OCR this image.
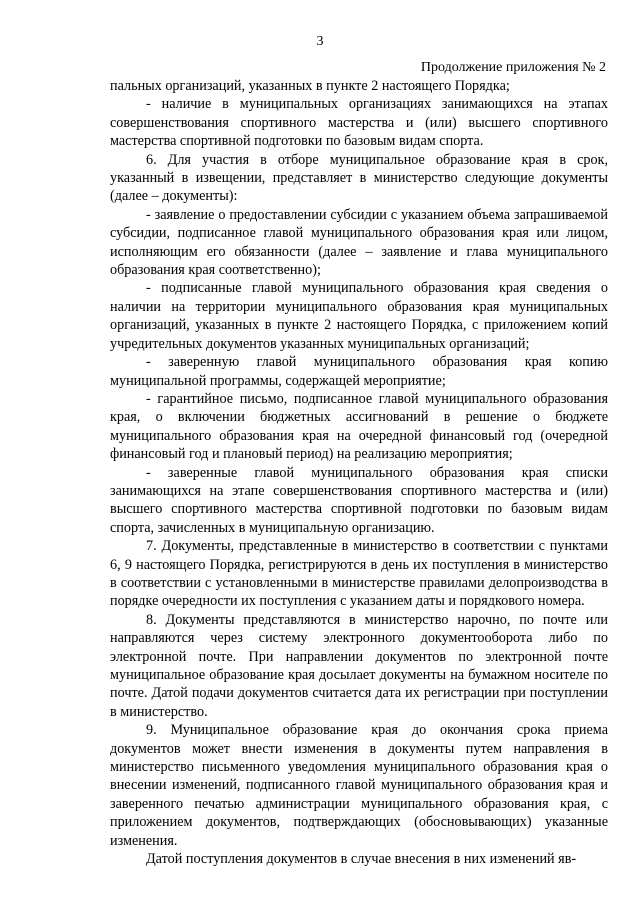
3
Продолжение приложения № 2

пальных организаций, указанных в пункте 2 настоящего Порядка;

- наличие в муниципальных организациях занимающихся на этапах совершенствования спортивного мастерства и (или) высшего спортивного мастерства спортивной подготовки по базовым видам спорта.

6. Для участия в отборе муниципальное образование края в срок, указанный в извещении, представляет в министерство следующие документы (далее – документы):

- заявление о предоставлении субсидии с указанием объема запрашиваемой субсидии, подписанное главой муниципального образования края или лицом, исполняющим его обязанности (далее – заявление и глава муниципального образования края соответственно);

- подписанные главой муниципального образования края сведения о наличии на территории муниципального образования края муниципальных организаций, указанных в пункте 2 настоящего Порядка, с приложением копий учредительных документов указанных муниципальных организаций;

- заверенную главой муниципального образования края копию муниципальной программы, содержащей мероприятие;

- гарантийное письмо, подписанное главой муниципального образования края, о включении бюджетных ассигнований в решение о бюджете муниципального образования края на очередной финансовый год (очередной финансовый год и плановый период) на реализацию мероприятия;

- заверенные главой муниципального образования края списки занимающихся на этапе совершенствования спортивного мастерства и (или) высшего спортивного мастерства спортивной подготовки по базовым видам спорта, зачисленных в муниципальную организацию.

7. Документы, представленные в министерство в соответствии с пунктами 6, 9 настоящего Порядка, регистрируются в день их поступления в министерство в соответствии с установленными в министерстве правилами делопроизводства в порядке очередности их поступления с указанием даты и порядкового номера.

8. Документы представляются в министерство нарочно, по почте или направляются через систему электронного документооборота либо по электронной почте. При направлении документов по электронной почте муниципальное образование края досылает документы на бумажном носителе по почте. Датой подачи документов считается дата их регистрации при поступлении в министерство.

9. Муниципальное образование края до окончания срока приема документов может внести изменения в документы путем направления в министерство письменного уведомления муниципального образования края о внесении изменений, подписанного главой муниципального образования края и заверенного печатью администрации муниципального образования края, с приложением документов, подтверждающих (обосновывающих) указанные изменения.

Датой поступления документов в случае внесения в них изменений яв-
